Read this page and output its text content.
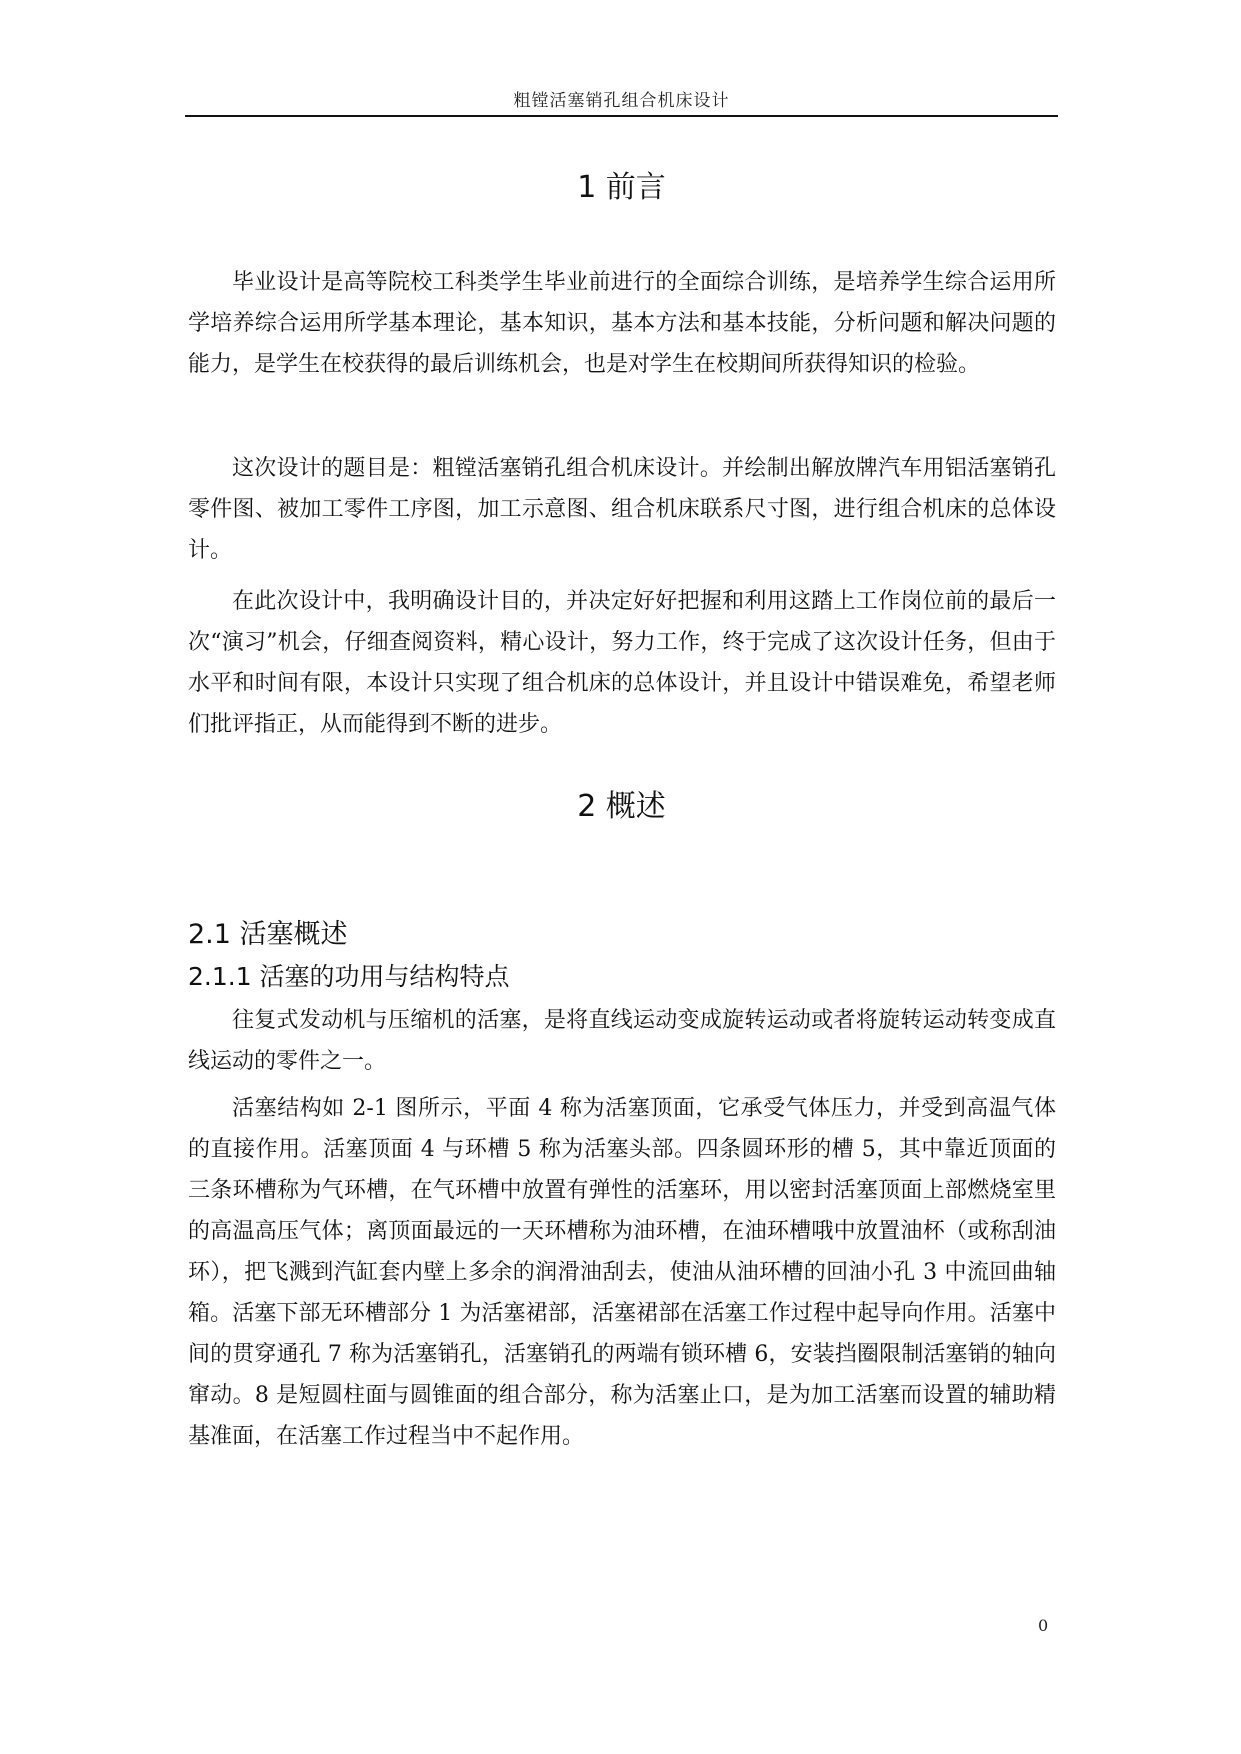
粗镗活塞销孔组合机床设计
1 前言

毕业设计是高等院校工科类学生毕业前进行的全面综合训练，是培养学生综合运用所学培养综合运用所学基本理论，基本知识，基本方法和基本技能，分析问题和解决问题的能力，是学生在校获得的最后训练机会，也是对学生在校期间所获得知识的检验。

这次设计的题目是：粗镗活塞销孔组合机床设计。并绘制出解放牌汽车用铝活塞销孔零件图、被加工零件工序图，加工示意图、组合机床联系尺寸图，进行组合机床的总体设计。

在此次设计中，我明确设计目的，并决定好好把握和利用这踏上工作岗位前的最后一次“演习”机会，仔细查阅资料，精心设计，努力工作，终于完成了这次设计任务，但由于水平和时间有限，本设计只实现了组合机床的总体设计，并且设计中错误难免，希望老师们批评指正，从而能得到不断的进步。

2 概述
2.1 活塞概述
2.1.1 活塞的功用与结构特点

往复式发动机与压缩机的活塞，是将直线运动变成旋转运动或者将旋转运动转变成直线运动的零件之一。

活塞结构如 2-1 图所示，平面 4 称为活塞顶面，它承受气体压力，并受到高温气体的直接作用。活塞顶面 4 与环槽 5 称为活塞头部。四条圆环形的槽 5，其中靠近顶面的三条环槽称为气环槽，在气环槽中放置有弹性的活塞环，用以密封活塞顶面上部燃烧室里的高温高压气体；离顶面最远的一天环槽称为油环槽，在油环槽哦中放置油杯（或称刮油环），把飞溅到汽缸套内壁上多余的润滑油刮去，使油从油环槽的回油小孔 3 中流回曲轴箱。活塞下部无环槽部分 1 为活塞裙部，活塞裙部在活塞工作过程中起导向作用。活塞中间的贯穿通孔 7 称为活塞销孔，活塞销孔的两端有锁环槽 6，安装挡圈限制活塞销的轴向窜动。8 是短圆柱面与圆锥面的组合部分，称为活塞止口，是为加工活塞而设置的辅助精基准面，在活塞工作过程当中不起作用。

0
